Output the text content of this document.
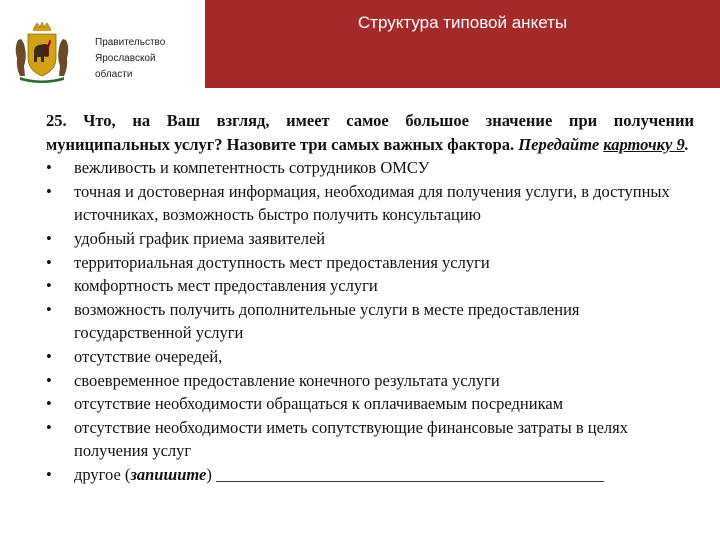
Правительство
Ярославской
области
Структура типовой анкеты

25. Что, на Ваш взгляд, имеет самое большое значение при получении муниципальных услуг? Назовите три самых важных фактора. Передайте карточку 9.

• вежливость и компетентность сотрудников ОМСУ
• точная и достоверная информация, необходимая для получения услуги, в доступных источниках, возможность быстро получить консультацию
• удобный график приема заявителей
• территориальная доступность мест предоставления услуги
• комфортность мест предоставления услуги
• возможность получить дополнительные услуги в месте предоставления государственной услуги
• отсутствие очередей,
• своевременное предоставление конечного результата услуги
• отсутствие необходимости обращаться к оплачиваемым посредникам
• отсутствие необходимости иметь сопутствующие финансовые затраты в целях получения услуг
• другое (запишите) _______________________________________________
